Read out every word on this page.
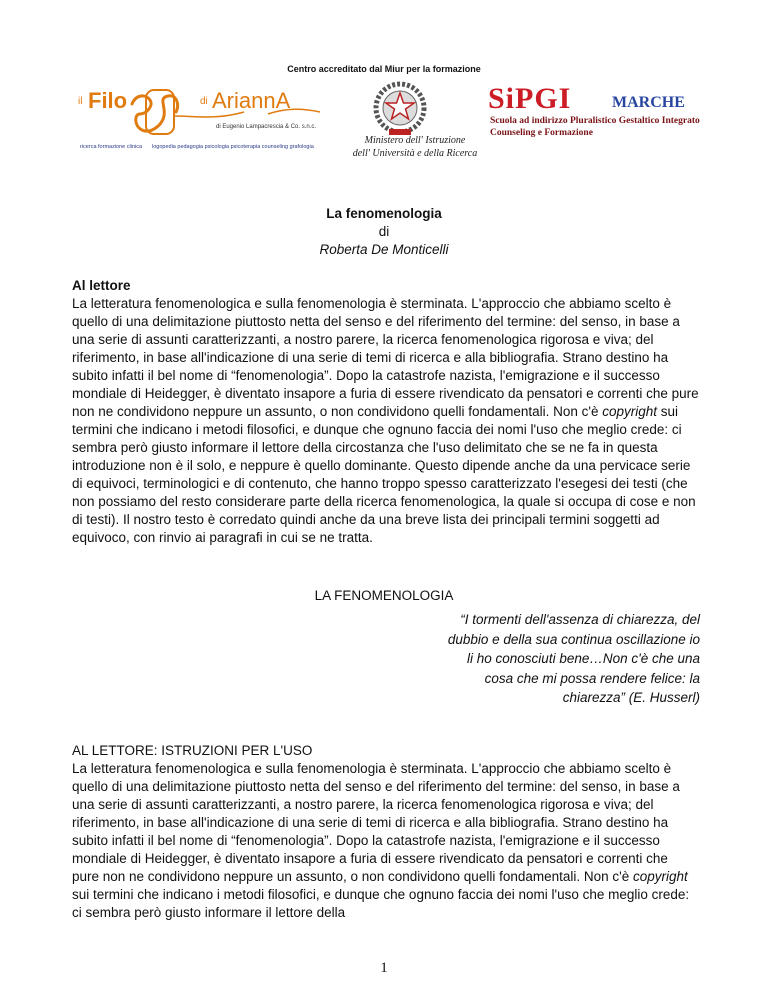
Centro accreditato dal Miur per la formazione
il Filo	di AriannA
di Eugenio Lampacrescia & Co. s.n.c.
ricerca formazione clinica logopedia pedagogia psicologia psicoterapia counseling grafologia
Ministero dell' Istruzione
dell' Università e della Ricerca
SiPGI	MARCHE
Scuola ad indirizzo Pluralistico Gestaltico Integrato
Counseling e Formazione
La fenomenologia
di
Roberta De Monticelli
Al lettore
La letteratura fenomenologica e sulla fenomenologia è sterminata. L'approccio che abbiamo scelto è quello di una delimitazione piuttosto netta del senso e del riferimento del termine: del senso, in base a una serie di assunti caratterizzanti, a nostro parere, la ricerca fenomenologica rigorosa e viva; del riferimento, in base all'indicazione di una serie di temi di ricerca e alla bibliografia. Strano destino ha subito infatti il bel nome di “fenomenologia”. Dopo la catastrofe nazista, l'emigrazione e il successo mondiale di Heidegger, è diventato insapore a furia di essere rivendicato da pensatori e correnti che pure non ne condividono neppure un assunto, o non condividono quelli fondamentali. Non c'è copyright sui termini che indicano i metodi filosofici, e dunque che ognuno faccia dei nomi l'uso che meglio crede: ci sembra però giusto informare il lettore della circostanza che l'uso delimitato che se ne fa in questa introduzione non è il solo, e neppure è quello dominante. Questo dipende anche da una pervicace serie di equivoci, terminologici e di contenuto, che hanno troppo spesso caratterizzato l'esegesi dei testi (che non possiamo del resto considerare parte della ricerca fenomenologica, la quale si occupa di cose e non di testi). Il nostro testo è corredato quindi anche da una breve lista dei principali termini soggetti ad equivoco, con rinvio ai paragrafi in cui se ne tratta.
LA FENOMENOLOGIA
“I tormenti dell'assenza di chiarezza, del dubbio e della sua continua oscillazione io li ho conosciuti bene…Non c'è che una cosa che mi possa rendere felice: la chiarezza” (E. Husserl)
AL LETTORE: ISTRUZIONI PER L'USO
La letteratura fenomenologica e sulla fenomenologia è sterminata. L'approccio che abbiamo scelto è quello di una delimitazione piuttosto netta del senso e del riferimento del termine: del senso, in base a una serie di assunti caratterizzanti, a nostro parere, la ricerca fenomenologica rigorosa e viva; del riferimento, in base all'indicazione di una serie di temi di ricerca e alla bibliografia. Strano destino ha subito infatti il bel nome di “fenomenologia”. Dopo la catastrofe nazista, l'emigrazione e il successo mondiale di Heidegger, è diventato insapore a furia di essere rivendicato da pensatori e correnti che pure non ne condividono neppure un assunto, o non condividono quelli fondamentali. Non c'è copyright sui termini che indicano i metodi filosofici, e dunque che ognuno faccia dei nomi l'uso che meglio crede: ci sembra però giusto informare il lettore della
1
